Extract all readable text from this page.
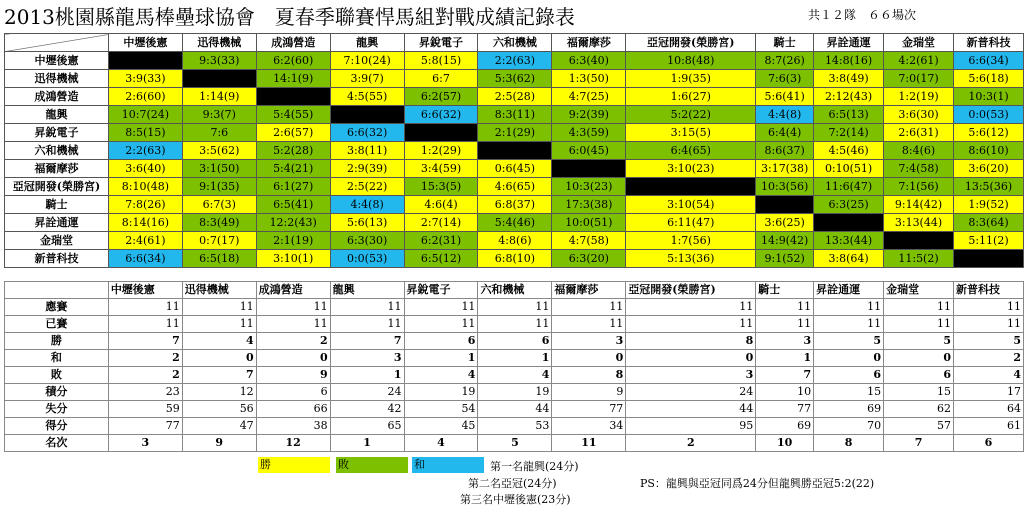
2013桃園縣龍馬棒壘球協會　夏春季聯賽悍馬組對戰成績記錄表	共１２隊　６６場次
	中壢後憲	迅得機械	成鴻營造	龍興	昇銳電子	六和機械	福爾摩莎	亞冠開發(榮勝宮)	騎士	昇詮通運	金瑞堂	新普科技
中壢後憲		9:3(33)	6:2(60)	7:10(24)	5:8(15)	2:2(63)	6:3(40)	10:8(48)	8:7(26)	14:8(16)	4:2(61)	6:6(34)
迅得機械	3:9(33)		14:1(9)	3:9(7)	6:7	5:3(62)	1:3(50)	1:9(35)	7:6(3)	3:8(49)	7:0(17)	5:6(18)
成鴻營造	2:6(60)	1:14(9)		4:5(55)	6:2(57)	2:5(28)	4:7(25)	1:6(27)	5:6(41)	2:12(43)	1:2(19)	10:3(1)
龍興	10:7(24)	9:3(7)	5:4(55)		6:6(32)	8:3(11)	9:2(39)	5:2(22)	4:4(8)	6:5(13)	3:6(30)	0:0(53)
昇銳電子	8:5(15)	7:6	2:6(57)	6:6(32)		2:1(29)	4:3(59)	3:15(5)	6:4(4)	7:2(14)	2:6(31)	5:6(12)
六和機械	2:2(63)	3:5(62)	5:2(28)	3:8(11)	1:2(29)		6:0(45)	6:4(65)	8:6(37)	4:5(46)	8:4(6)	8:6(10)
福爾摩莎	3:6(40)	3:1(50)	5:4(21)	2:9(39)	3:4(59)	0:6(45)		3:10(23)	3:17(38)	0:10(51)	7:4(58)	3:6(20)
亞冠開發(榮勝宮)	8:10(48)	9:1(35)	6:1(27)	2:5(22)	15:3(5)	4:6(65)	10:3(23)		10:3(56)	11:6(47)	7:1(56)	13:5(36)
騎士	7:8(26)	6:7(3)	6:5(41)	4:4(8)	4:6(4)	6:8(37)	17:3(38)	3:10(54)		6:3(25)	9:14(42)	1:9(52)
昇詮通運	8:14(16)	8:3(49)	12:2(43)	5:6(13)	2:7(14)	5:4(46)	10:0(51)	6:11(47)	3:6(25)		3:13(44)	8:3(64)
金瑞堂	2:4(61)	0:7(17)	2:1(19)	6:3(30)	6:2(31)	4:8(6)	4:7(58)	1:7(56)	14:9(42)	13:3(44)		5:11(2)
新普科技	6:6(34)	6:5(18)	3:10(1)	0:0(53)	6:5(12)	6:8(10)	6:3(20)	5:13(36)	9:1(52)	3:8(64)	11:5(2)	
	中壢後憲	迅得機械	成鴻營造	龍興	昇銳電子	六和機械	福爾摩莎	亞冠開發(榮勝宮)	騎士	昇詮通運	金瑞堂	新普科技
應賽	11	11	11	11	11	11	11	11	11	11	11	11
已賽	11	11	11	11	11	11	11	11	11	11	11	11
勝	7	4	2	7	6	6	3	8	3	5	5	5
和	2	0	0	3	1	1	0	0	1	0	0	2
敗	2	7	9	1	4	4	8	3	7	6	6	4
積分	23	12	6	24	19	19	9	24	10	15	15	17
失分	59	56	66	42	54	44	77	44	77	69	62	64
得分	77	47	38	65	45	53	34	95	69	70	57	61
名次	3	9	12	1	4	5	11	2	10	8	7	6
勝	敗	和	第一名龍興(24分)
第二名亞冠(24分)	PS：龍興與亞冠同爲24分但龍興勝亞冠5:2(22)
第三名中壢後憲(23分)
